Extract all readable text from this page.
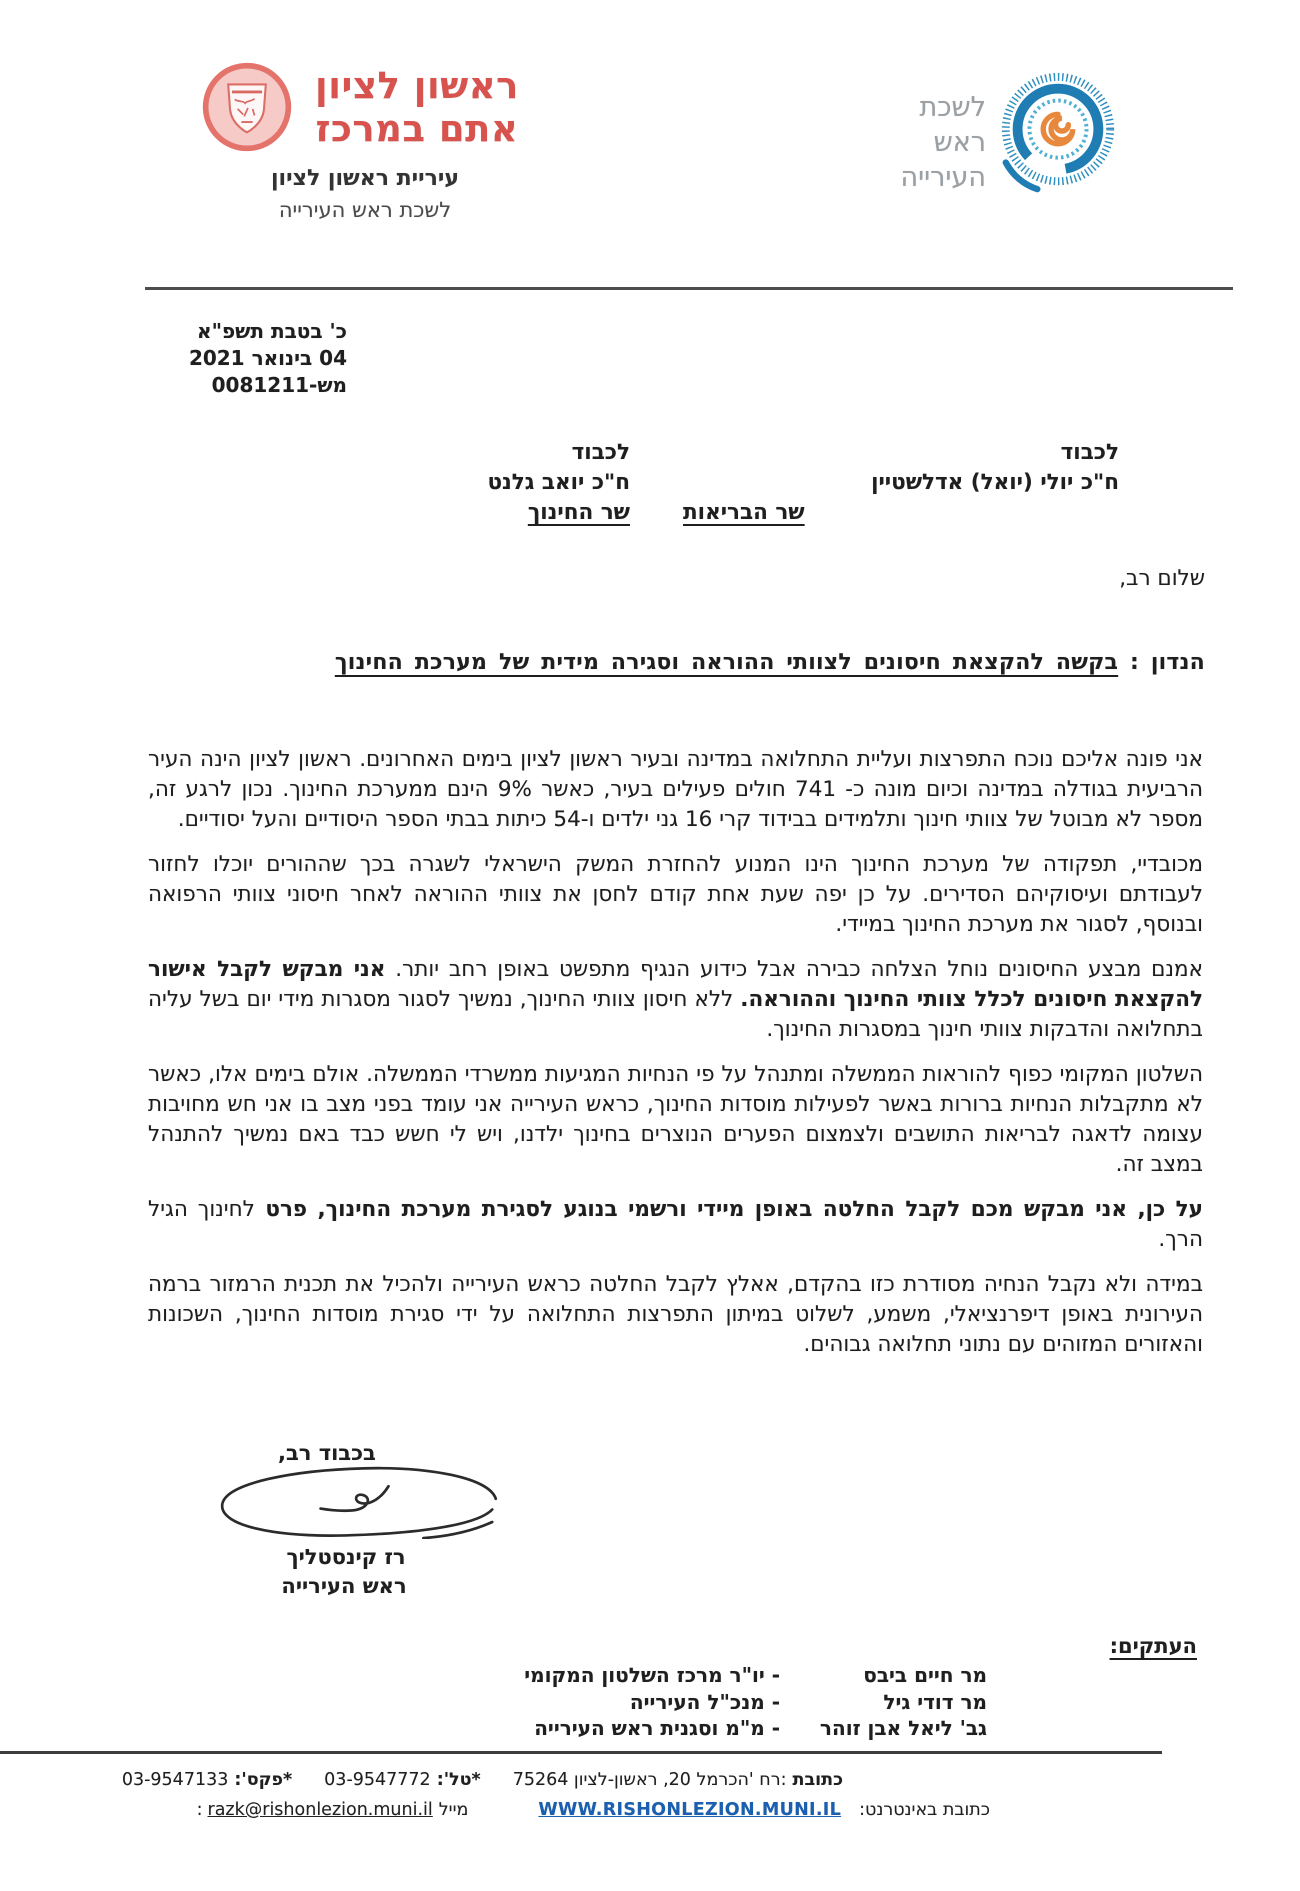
ראשון לציון
אתם במרכז
עיריית ראשון לציון
לשכת ראש העירייה
לשכת
ראש
העירייה
כ' בטבת תשפ"א
04 בינואר 2021
מש-0081211
לכבוד
ח"כ יולי (יואל) אדלשטיין
שר הבריאות
לכבוד
ח"כ יואב גלנט
שר החינוך
שלום רב,
הנדון : בקשה להקצאת חיסונים לצוותי ההוראה וסגירה מידית של מערכת החינוך

אני פונה אליכם נוכח התפרצות ועליית התחלואה במדינה ובעיר ראשון לציון בימים האחרונים. ראשון לציון הינה העיר הרביעית בגודלה במדינה וכיום מונה כ- 741 חולים פעילים בעיר, כאשר 9% הינם ממערכת החינוך. נכון לרגע זה, מספר לא מבוטל של צוותי חינוך ותלמידים בבידוד קרי 16 גני ילדים ו-54 כיתות בבתי הספר היסודיים והעל יסודיים.

מכובדיי, תפקודה של מערכת החינוך הינו המנוע להחזרת המשק הישראלי לשגרה בכך שההורים יוכלו לחזור לעבודתם ועיסוקיהם הסדירים. על כן יפה שעת אחת קודם לחסן את צוותי ההוראה לאחר חיסוני צוותי הרפואה ובנוסף, לסגור את מערכת החינוך במיידי.

אמנם מבצע החיסונים נוחל הצלחה כבירה אבל כידוע הנגיף מתפשט באופן רחב יותר. אני מבקש לקבל אישור להקצאת חיסונים לכלל צוותי החינוך וההוראה. ללא חיסון צוותי החינוך, נמשיך לסגור מסגרות מידי יום בשל עליה בתחלואה והדבקות צוותי חינוך במסגרות החינוך.

השלטון המקומי כפוף להוראות הממשלה ומתנהל על פי הנחיות המגיעות ממשרדי הממשלה. אולם בימים אלו, כאשר לא מתקבלות הנחיות ברורות באשר לפעילות מוסדות החינוך, כראש העירייה אני עומד בפני מצב בו אני חש מחויבות עצומה לדאגה לבריאות התושבים ולצמצום הפערים הנוצרים בחינוך ילדנו, ויש לי חשש כבד באם נמשיך להתנהל במצב זה.

על כן, אני מבקש מכם לקבל החלטה באופן מיידי ורשמי בנוגע לסגירת מערכת החינוך, פרט לחינוך הגיל הרך.

במידה ולא נקבל הנחיה מסודרת כזו בהקדם, אאלץ לקבל החלטה כראש העירייה ולהכיל את תכנית הרמזור ברמה העירונית באופן דיפרנציאלי, משמע, לשלוט במיתון התפרצות התחלואה על ידי סגירת מוסדות החינוך, השכונות והאזורים המזוהים עם נתוני תחלואה גבוהים.

בכבוד רב,
רז קינסטליך
ראש העירייה
העתקים:
מר חיים ביבס
מר דודי גיל
גב' ליאל אבן זוהר
- יו"ר מרכז השלטון המקומי
- מנכ"ל העירייה
- מ"מ וסגנית ראש העירייה
כתובת:רח 'הכרמל 20, ראשון-לציון 75264
*טל':03-9547772
*פקס':03-9547133
כתובת באינטרנט:
WWW.RISHONLEZION.MUNI.IL
מייל
razk@rishonlezion.muni.il
:
